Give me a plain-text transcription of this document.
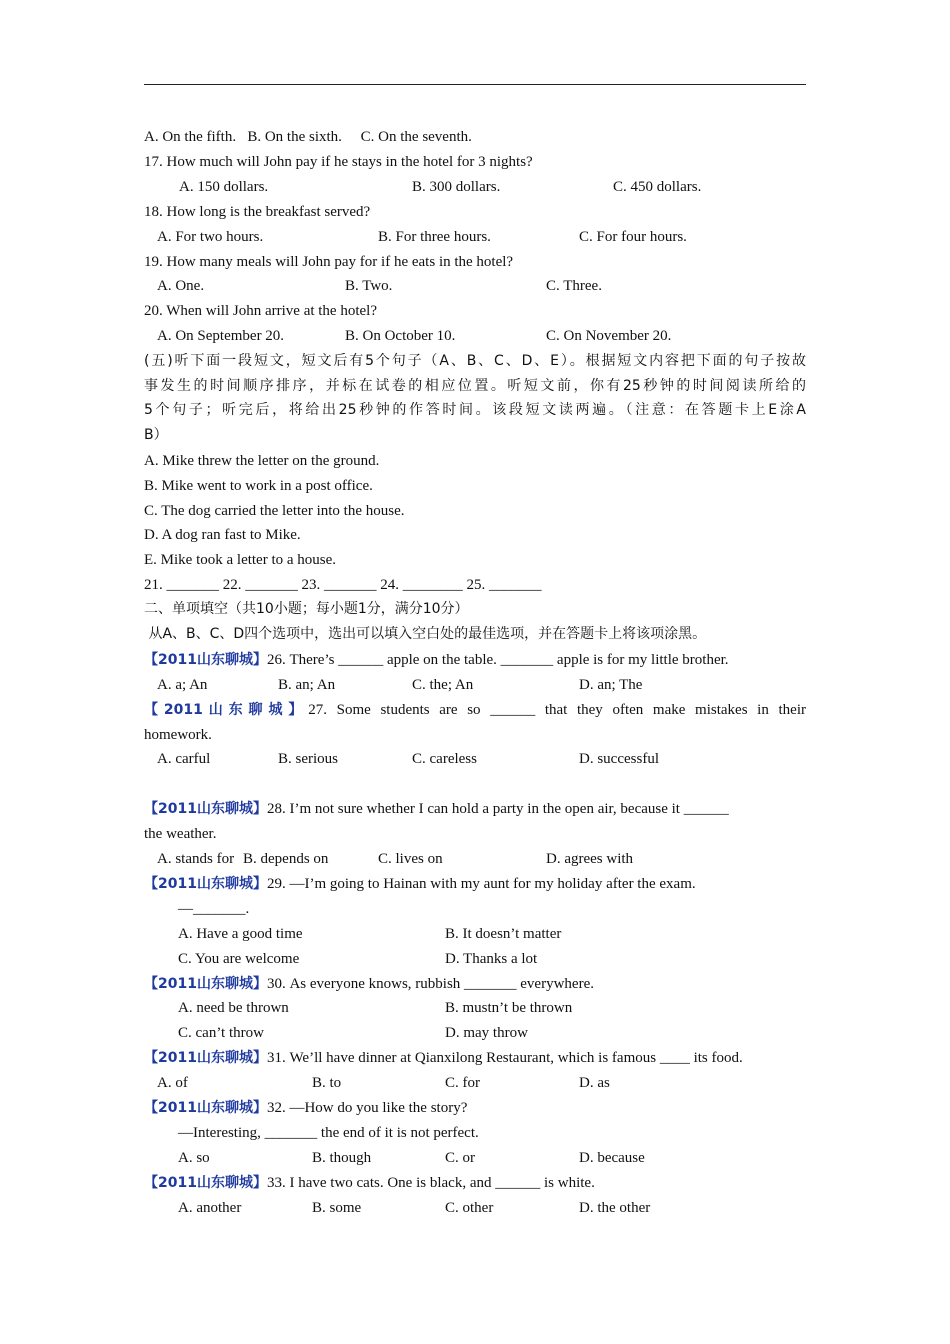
A. On the fifth.   B. On the sixth.     C. On the seventh.
17. How much will John pay if he stays in the hotel for 3 nights?

A. 150 dollars.

	B. 300 dollars.

	C. 450 dollars.

18. How long is the breakfast served?

A. For two hours.

	B. For three hours.

	C. For four hours.

19. How many meals will John pay for if he eats in the hotel?

A. One.

	B. Two.

	C. Three.

20. When will John arrive at the hotel?

A. On September 20.

	B. On October 10.

	C. On November 20.

(五)听下面一段短文，短文后有5个句子（A、B、C、D、E）。根据短文内容把下面的句子按故
事发生的时间顺序排序，并标在试卷的相应位置。听短文前，你有25秒钟的时间阅读所给的
5个句子；听完后，将给出25秒钟的作答时间。该段短文读两遍。（注意：在答题卡上E涂A
B）
A. Mike threw the letter on the ground.
B. Mike went to work in a post office.
C. The dog carried the letter into the house.
D. A dog ran fast to Mike.
E. Mike took a letter to a house.
21. _______ 22. _______ 23. _______ 24. ________ 25. _______
二、单项填空（共10小题；每小题1分，满分10分）
从A、B、C、D四个选项中，选出可以填入空白处的最佳选项，并在答题卡上将该项涂黑。
【2011山东聊城】26. There’s ______ apple on the table. _______ apple is for my little brother.

A. a; An

	B. an; An

	C. the; An

	D. an; The

【2011山东聊城】27. Some students are so ______ that they often make mistakes in their
homework.

A. carful

	B. serious

	C. careless

	D. successful

【2011山东聊城】28. I’m not sure whether I can hold a party in the open air, because it ______
the weather.

A. stands for

B. depends on

	C. lives on

	D. agrees with

【2011山东聊城】29. —I’m going to Hainan with my aunt for my holiday after the exam.
—_______.

A. Have a good time

	B. It doesn’t matter

C. You are welcome

	D. Thanks a lot

【2011山东聊城】30. As everyone knows, rubbish _______ everywhere.

A. need be thrown

	B. mustn’t be thrown

C. can’t throw

	D. may throw

【2011山东聊城】31. We’ll have dinner at Qianxilong Restaurant, which is famous ____ its food.

A. of

	B. to

	C. for

	D. as

【2011山东聊城】32. —How do you like the story?
—Interesting, _______ the end of it is not perfect.

A. so

	B. though

	C. or

	D. because

【2011山东聊城】33. I have two cats. One is black, and ______ is white.

A. another

	B. some

	C. other

	D. the other
